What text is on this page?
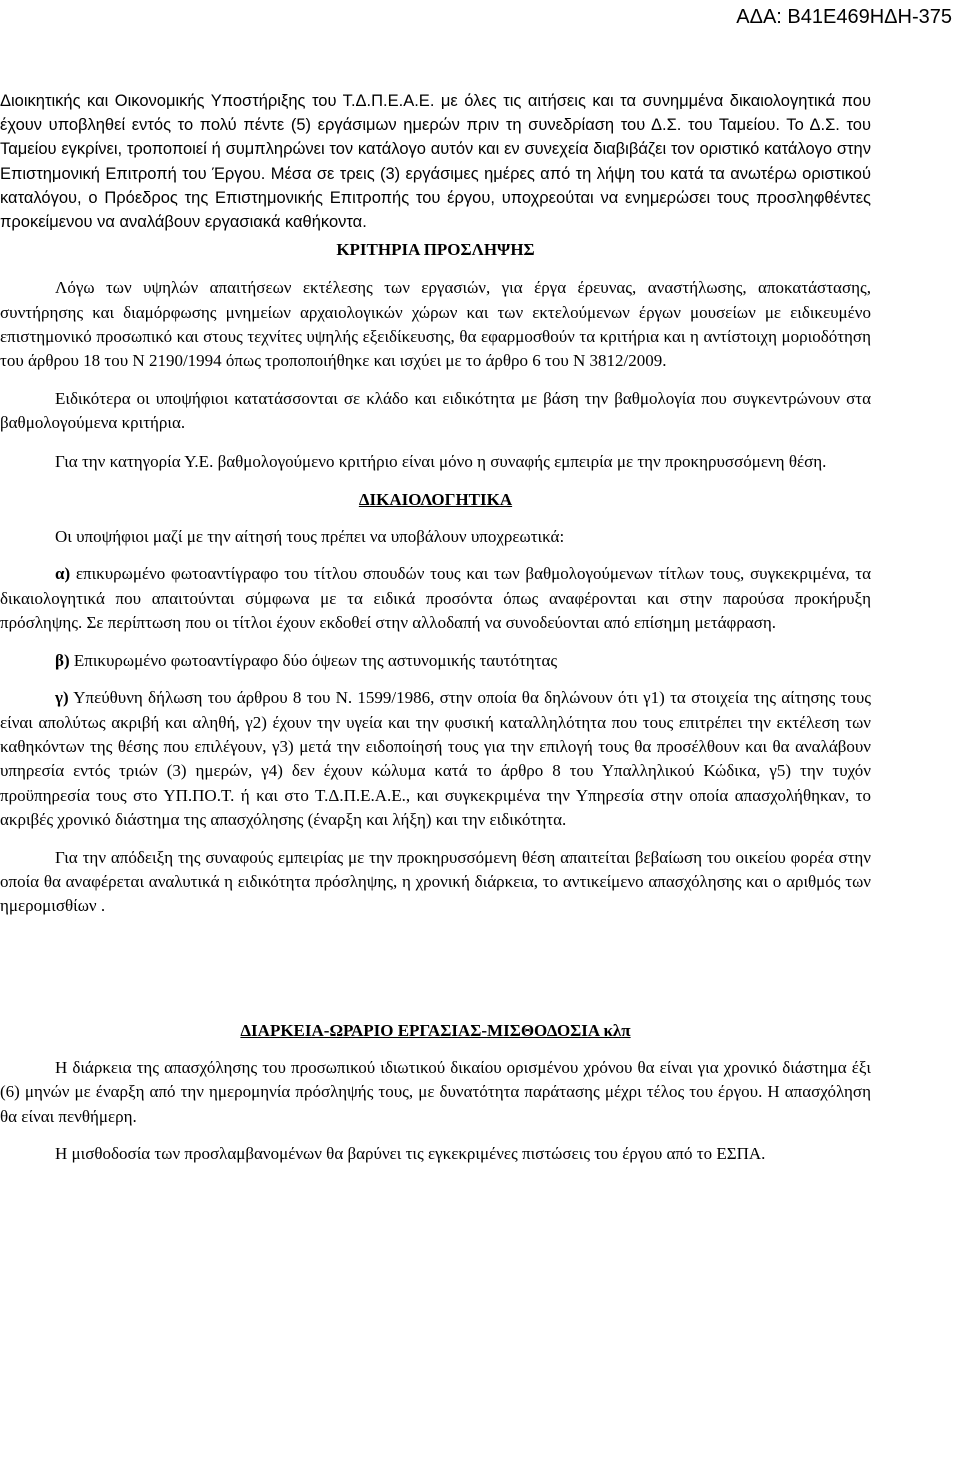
ΑΔΑ: Β41Ε469ΗΔΗ-375

Διοικητικής και Οικονομικής Υποστήριξης του Τ.Δ.Π.Ε.Α.Ε. με όλες τις αιτήσεις και τα συνημμένα δικαιολογητικά που έχουν υποβληθεί εντός το πολύ πέντε (5) εργάσιμων ημερών πριν τη συνεδρίαση του Δ.Σ. του Ταμείου. Το Δ.Σ. του Ταμείου εγκρίνει, τροποποιεί ή συμπληρώνει τον κατάλογο αυτόν και εν συνεχεία διαβιβάζει τον οριστικό κατάλογο στην Επιστημονική Επιτροπή του Έργου. Μέσα σε τρεις (3) εργάσιμες ημέρες από τη λήψη του κατά τα ανωτέρω οριστικού καταλόγου, ο Πρόεδρος της Επιστημονικής Επιτροπής του έργου, υποχρεούται να ενημερώσει τους προσληφθέντες προκείμενου να αναλάβουν εργασιακά καθήκοντα.

ΚΡΙΤΗΡΙΑ ΠΡΟΣΛΗΨΗΣ

Λόγω των υψηλών απαιτήσεων εκτέλεσης των εργασιών, για έργα έρευνας, αναστήλωσης, αποκατάστασης, συντήρησης και διαμόρφωσης μνημείων αρχαιολογικών χώρων και των εκτελούμενων έργων μουσείων με ειδικευμένο επιστημονικό προσωπικό και στους τεχνίτες υψηλής εξειδίκευσης, θα εφαρμοσθούν τα κριτήρια και η αντίστοιχη μοριοδότηση του άρθρου 18 του Ν 2190/1994 όπως τροποποιήθηκε και ισχύει με το άρθρο 6 του Ν 3812/2009.

Ειδικότερα οι υποψήφιοι κατατάσσονται σε κλάδο και ειδικότητα με βάση την βαθμολογία που συγκεντρώνουν στα βαθμολογούμενα κριτήρια.

Για την κατηγορία Υ.Ε. βαθμολογούμενο κριτήριο είναι μόνο η συναφής εμπειρία με την προκηρυσσόμενη θέση.

ΔΙΚΑΙΟΛΟΓΗΤΙΚΑ

Οι υποψήφιοι μαζί με την αίτησή τους πρέπει να υποβάλουν υποχρεωτικά:

α) επικυρωμένο φωτοαντίγραφο του τίτλου σπουδών τους και των βαθμολογούμενων τίτλων τους, συγκεκριμένα, τα δικαιολογητικά που απαιτούνται σύμφωνα με τα ειδικά προσόντα όπως αναφέρονται και στην παρούσα προκήρυξη πρόσληψης. Σε περίπτωση που οι τίτλοι έχουν εκδοθεί στην αλλοδαπή να συνοδεύονται από επίσημη μετάφραση.

β) Επικυρωμένο φωτοαντίγραφο δύο όψεων της αστυνομικής ταυτότητας

γ) Υπεύθυνη δήλωση του άρθρου 8 του Ν. 1599/1986, στην οποία θα δηλώνουν ότι γ1) τα στοιχεία της αίτησης τους είναι απολύτως ακριβή και αληθή, γ2) έχουν την υγεία και την φυσική καταλληλότητα που τους επιτρέπει την εκτέλεση των καθηκόντων της θέσης που επιλέγουν, γ3) μετά την ειδοποίησή τους για την επιλογή τους θα προσέλθουν και θα αναλάβουν υπηρεσία εντός τριών (3) ημερών, γ4) δεν έχουν κώλυμα κατά το άρθρο 8 του Υπαλληλικού Κώδικα, γ5) την τυχόν προϋπηρεσία τους στο ΥΠ.ΠΟ.Τ. ή και στο Τ.Δ.Π.Ε.Α.Ε., και συγκεκριμένα την Υπηρεσία στην οποία απασχολήθηκαν, το ακριβές χρονικό διάστημα της απασχόλησης (έναρξη και λήξη) και την ειδικότητα.

Για την απόδειξη της συναφούς εμπειρίας με την προκηρυσσόμενη θέση απαιτείται βεβαίωση του οικείου φορέα στην οποία θα αναφέρεται αναλυτικά η ειδικότητα πρόσληψης, η χρονική διάρκεια, το αντικείμενο απασχόλησης και ο αριθμός των ημερομισθίων .

ΔΙΑΡΚΕΙΑ-ΩΡΑΡΙΟ ΕΡΓΑΣΙΑΣ-ΜΙΣΘΟΔΟΣΙΑ κλπ

Η διάρκεια της απασχόλησης του προσωπικού ιδιωτικού δικαίου ορισμένου χρόνου θα είναι για χρονικό διάστημα έξι (6) μηνών με έναρξη από την ημερομηνία πρόσληψής τους, με δυνατότητα παράτασης μέχρι τέλος του έργου. Η απασχόληση θα είναι πενθήμερη.

Η μισθοδοσία των προσλαμβανομένων θα βαρύνει τις εγκεκριμένες πιστώσεις του έργου από το ΕΣΠΑ.
